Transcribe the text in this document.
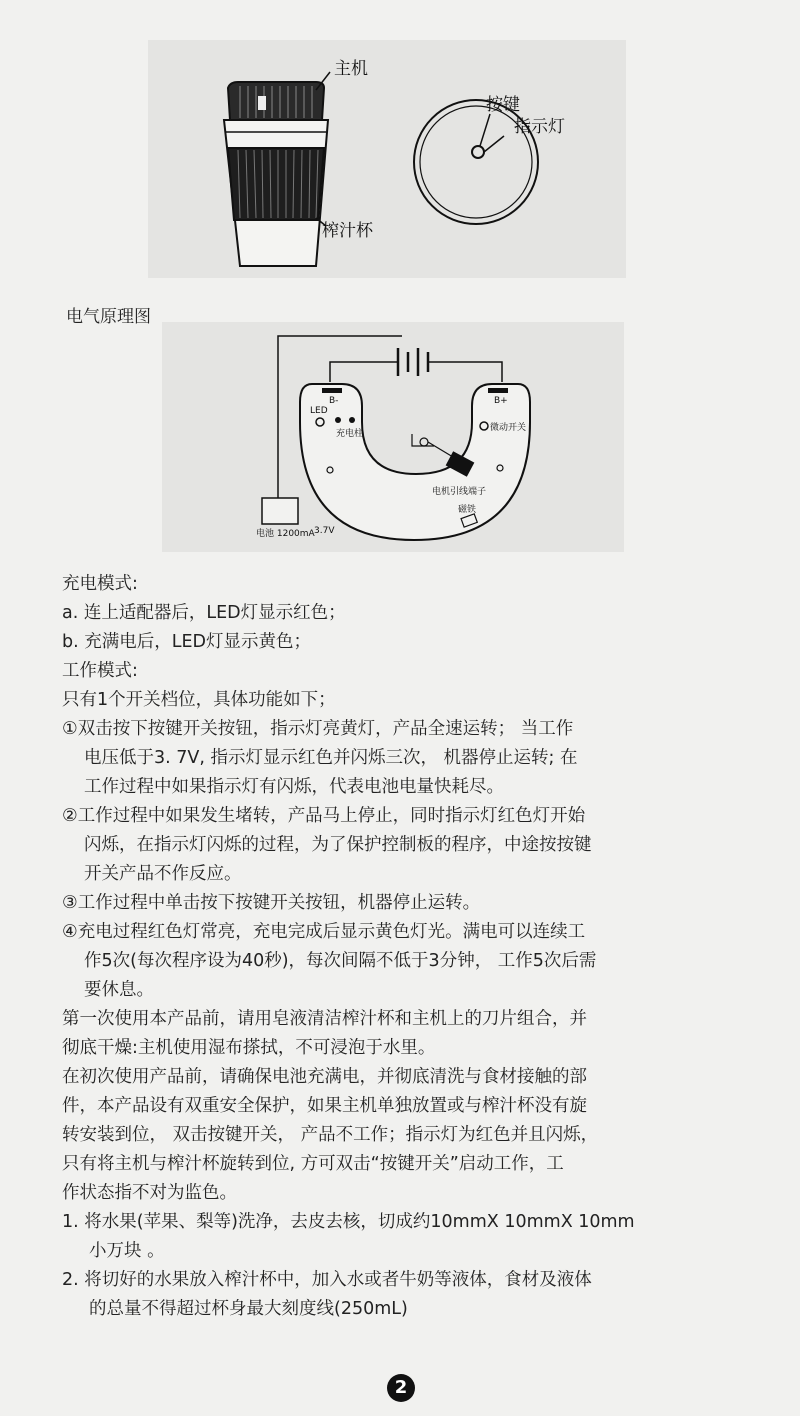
主机
榨汁杯
按键
指示灯
电气原理图
B-	B+
LED
充电柱
微动开关
电机引线端子
磁铁
电池 1200mA 3.7V
充电模式:
a. 连上适配器后，LED灯显示红色；
b. 充满电后，LED灯显示黄色；
工作模式:
只有1个开关档位，具体功能如下；
①双击按下按键开关按钮，指示灯亮黄灯，产品全速运转； 当工作
电压低于3. 7V, 指示灯显示红色并闪烁三次， 机器停止运转; 在
工作过程中如果指示灯有闪烁，代表电池电量快耗尽。
②工作过程中如果发生堵转，产品马上停止，同时指示灯红色灯开始
闪烁，在指示灯闪烁的过程，为了保护控制板的程序，中途按按键
开关产品不作反应。
③工作过程中单击按下按键开关按钮，机器停止运转。
④充电过程红色灯常亮，充电完成后显示黄色灯光。满电可以连续工
作5次(每次程序设为40秒)，每次间隔不低于3分钟， 工作5次后需
要休息。
第一次使用本产品前，请用皂液清洁榨汁杯和主机上的刀片组合，并
彻底干燥:主机使用湿布搽拭，不可浸泡于水里。
在初次使用产品前，请确保电池充满电，并彻底清洗与食材接触的部
件，本产品设有双重安全保护，如果主机单独放置或与榨汁杯没有旋
转安装到位， 双击按键开关， 产品不工作；指示灯为红色并且闪烁，
只有将主机与榨汁杯旋转到位, 方可双击“按键开关”启动工作，工
作状态指不对为监色。
1. 将水果(苹果、梨等)洗净，去皮去核，切成约10mmX 10mmX 10mm
小万块 。
2. 将切好的水果放入榨汁杯中，加入水或者牛奶等液体，食材及液体
的总量不得超过杯身最大刻度线(250mL)
2
